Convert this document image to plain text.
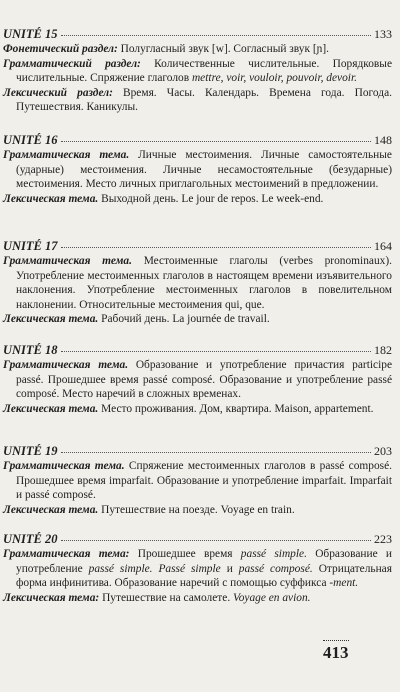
UNITÉ 15	133
Фонетический раздел: Полугласный звук [w]. Согласный звук [ɲ].
Грамматический раздел: Количественные числительные. Порядковые числительные. Спряжение глаголов mettre, voir, vouloir, pouvoir, devoir.
Лексический раздел: Время. Часы. Календарь. Времена года. Погода. Путешествия. Каникулы.
UNITÉ 16	148
Грамматическая тема. Личные местоимения. Личные самостоятельные (ударные) местоимения. Личные несамостоятельные (безударные) местоимения. Место личных приглагольных местоимений в предложении.
Лексическая тема. Выходной день. Le jour de repos. Le week-end.
UNITÉ 17	164
Грамматическая тема. Местоименные глаголы (verbes pronominaux). Употребление местоименных глаголов в настоящем времени изъявительного наклонения. Употребление местоименных глаголов в повелительном наклонении. Относительные местоимения qui, que.
Лексическая тема. Рабочий день. La journée de travail.
UNITÉ 18	182
Грамматическая тема. Образование и употребление причастия participe passé. Прошедшее время passé composé. Образование и употребление passé composé. Место наречий в сложных временах.
Лексическая тема. Место проживания. Дом, квартира. Maison, appartement.
UNITÉ 19	203
Грамматическая тема. Спряжение местоименных глаголов в passé composé. Прошедшее время imparfait. Образование и употребление imparfait. Imparfait и passé composé.
Лексическая тема. Путешествие на поезде. Voyage en train.
UNITÉ 20	223
Грамматическая тема: Прошедшее время passé simple. Образование и употребление passé simple. Passé simple и passé composé. Отрицательная форма инфинитива. Образование наречий с помощью суффикса -ment.
Лексическая тема: Путешествие на самолете. Voyage en avion.
413
